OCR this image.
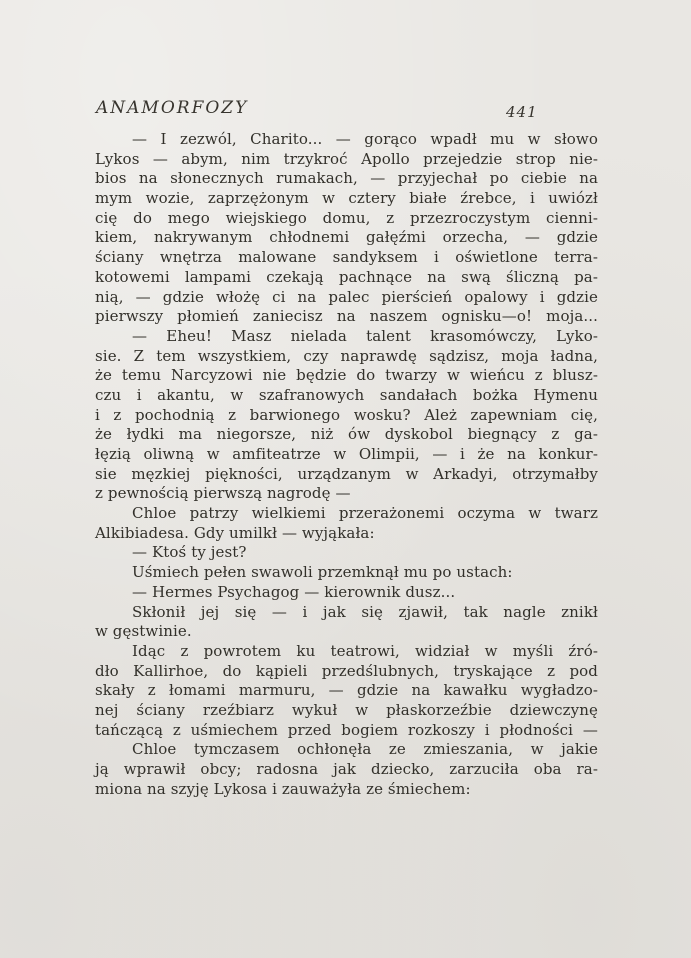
ANAMORFOZY	441
— I zezwól, Charito... — gorąco wpadł mu w słowo
Lykos — abym, nim trzykroć Apollo przejedzie strop nie-
bios na słonecznych rumakach, — przyjechał po ciebie na
mym wozie, zaprzężonym w cztery białe źrebce, i uwiózł
cię do mego wiejskiego domu, z przezroczystym cienni-
kiem, nakrywanym chłodnemi gałęźmi orzecha, — gdzie
ściany wnętrza malowane sandyksem i oświetlone terra-
kotowemi lampami czekają pachnące na swą śliczną pa-
nią, — gdzie włożę ci na palec pierścień opalowy i gdzie
pierwszy płomień zaniecisz na naszem ognisku—o! moja...
— Eheu! Masz nielada talent krasomówczy, Lyko-
sie. Z tem wszystkiem, czy naprawdę sądzisz, moja ładna,
że temu Narcyzowi nie będzie do twarzy w wieńcu z blusz-
czu i akantu, w szafranowych sandałach bożka Hymenu
i z pochodnią z barwionego wosku? Ależ zapewniam cię,
że łydki ma niegorsze, niż ów dyskobol biegnący z ga-
łęzią oliwną w amfiteatrze w Olimpii, — i że na konkur-
sie męzkiej piękności, urządzanym w Arkadyi, otrzymałby
z pewnością pierwszą nagrodę —
Chloe patrzy wielkiemi przerażonemi oczyma w twarz
Alkibiadesa. Gdy umilkł — wyjąkała:
— Ktoś ty jest?
Uśmiech pełen swawoli przemknął mu po ustach:
— Hermes Psychagog — kierownik dusz...
Skłonił jej się — i jak się zjawił, tak nagle znikł
w gęstwinie.
Idąc z powrotem ku teatrowi, widział w myśli źró-
dło Kallirhoe, do kąpieli przedślubnych, tryskające z pod
skały z łomami marmuru, — gdzie na kawałku wygładzo-
nej ściany rzeźbiarz wykuł w płaskorzeźbie dziewczynę
tańczącą z uśmiechem przed bogiem rozkoszy i płodności —
Chloe tymczasem ochłonęła ze zmieszania, w jakie
ją wprawił obcy; radosna jak dziecko, zarzuciła oba ra-
miona na szyję Lykosa i zauważyła ze śmiechem:
